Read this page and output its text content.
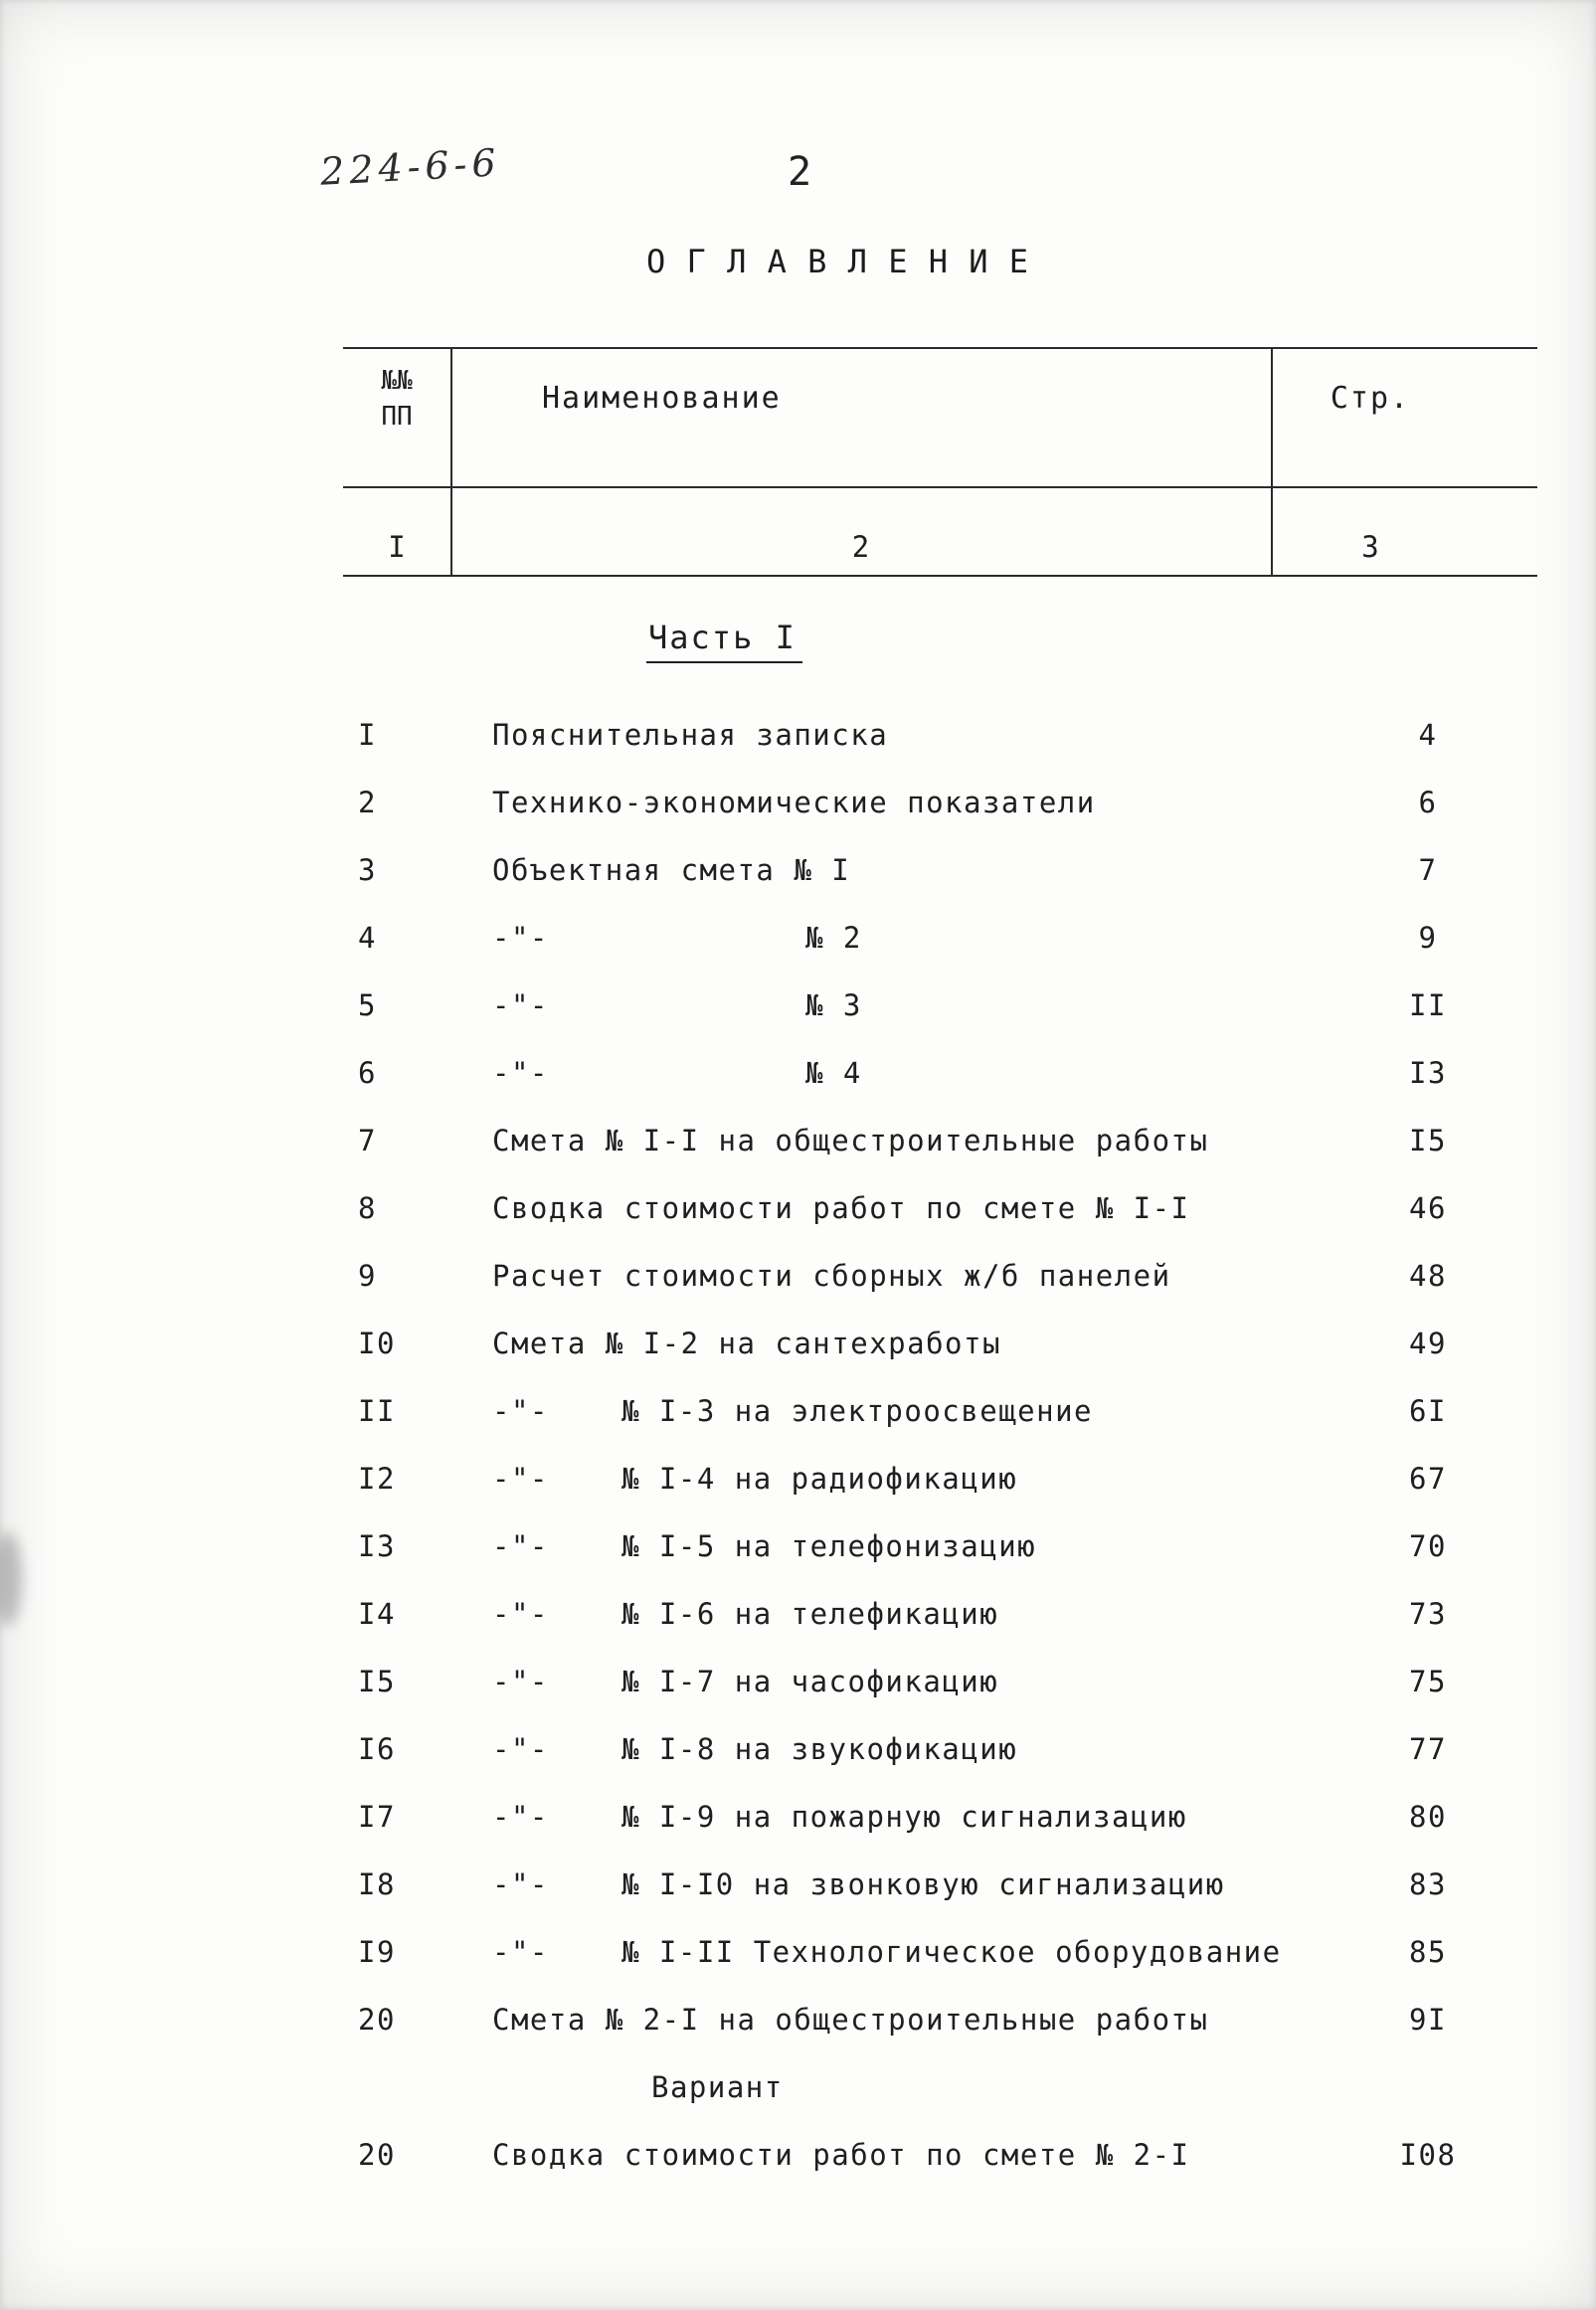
224-6-6	2
О Г Л А В Л Е Н И Е
№№
ПП
Наименование	Стр.
I	2	3
Часть I
I	Пояснительная записка	4
2	Технико-экономические показатели	6
3	Объектная смета № I	7
4	-"-	№ 2	9
5	-"-	№ 3	II
6	-"-	№ 4	I3
7	Смета № I-I на общестроительные работы	I5
8	Сводка стоимости работ по смете № I-I	46
9	Расчет стоимости сборных ж/б панелей	48
I0	Смета № I-2 на сантехработы	49
II	-"-	№ I-3 на электроосвещение	6I
I2	-"-	№ I-4 на радиофикацию	67
I3	-"-	№ I-5 на телефонизацию	70
I4	-"-	№ I-6 на телефикацию	73
I5	-"-	№ I-7 на часофикацию	75
I6	-"-	№ I-8 на звукофикацию	77
I7	-"-	№ I-9 на пожарную сигнализацию	80
I8	-"-	№ I-I0 на звонковую сигнализацию	83
I9	-"-	№ I-II Технологическое оборудование	85
20	Смета № 2-I на общестроительные работы	9I
Вариант
20	Сводка стоимости работ по смете № 2-I	I08
